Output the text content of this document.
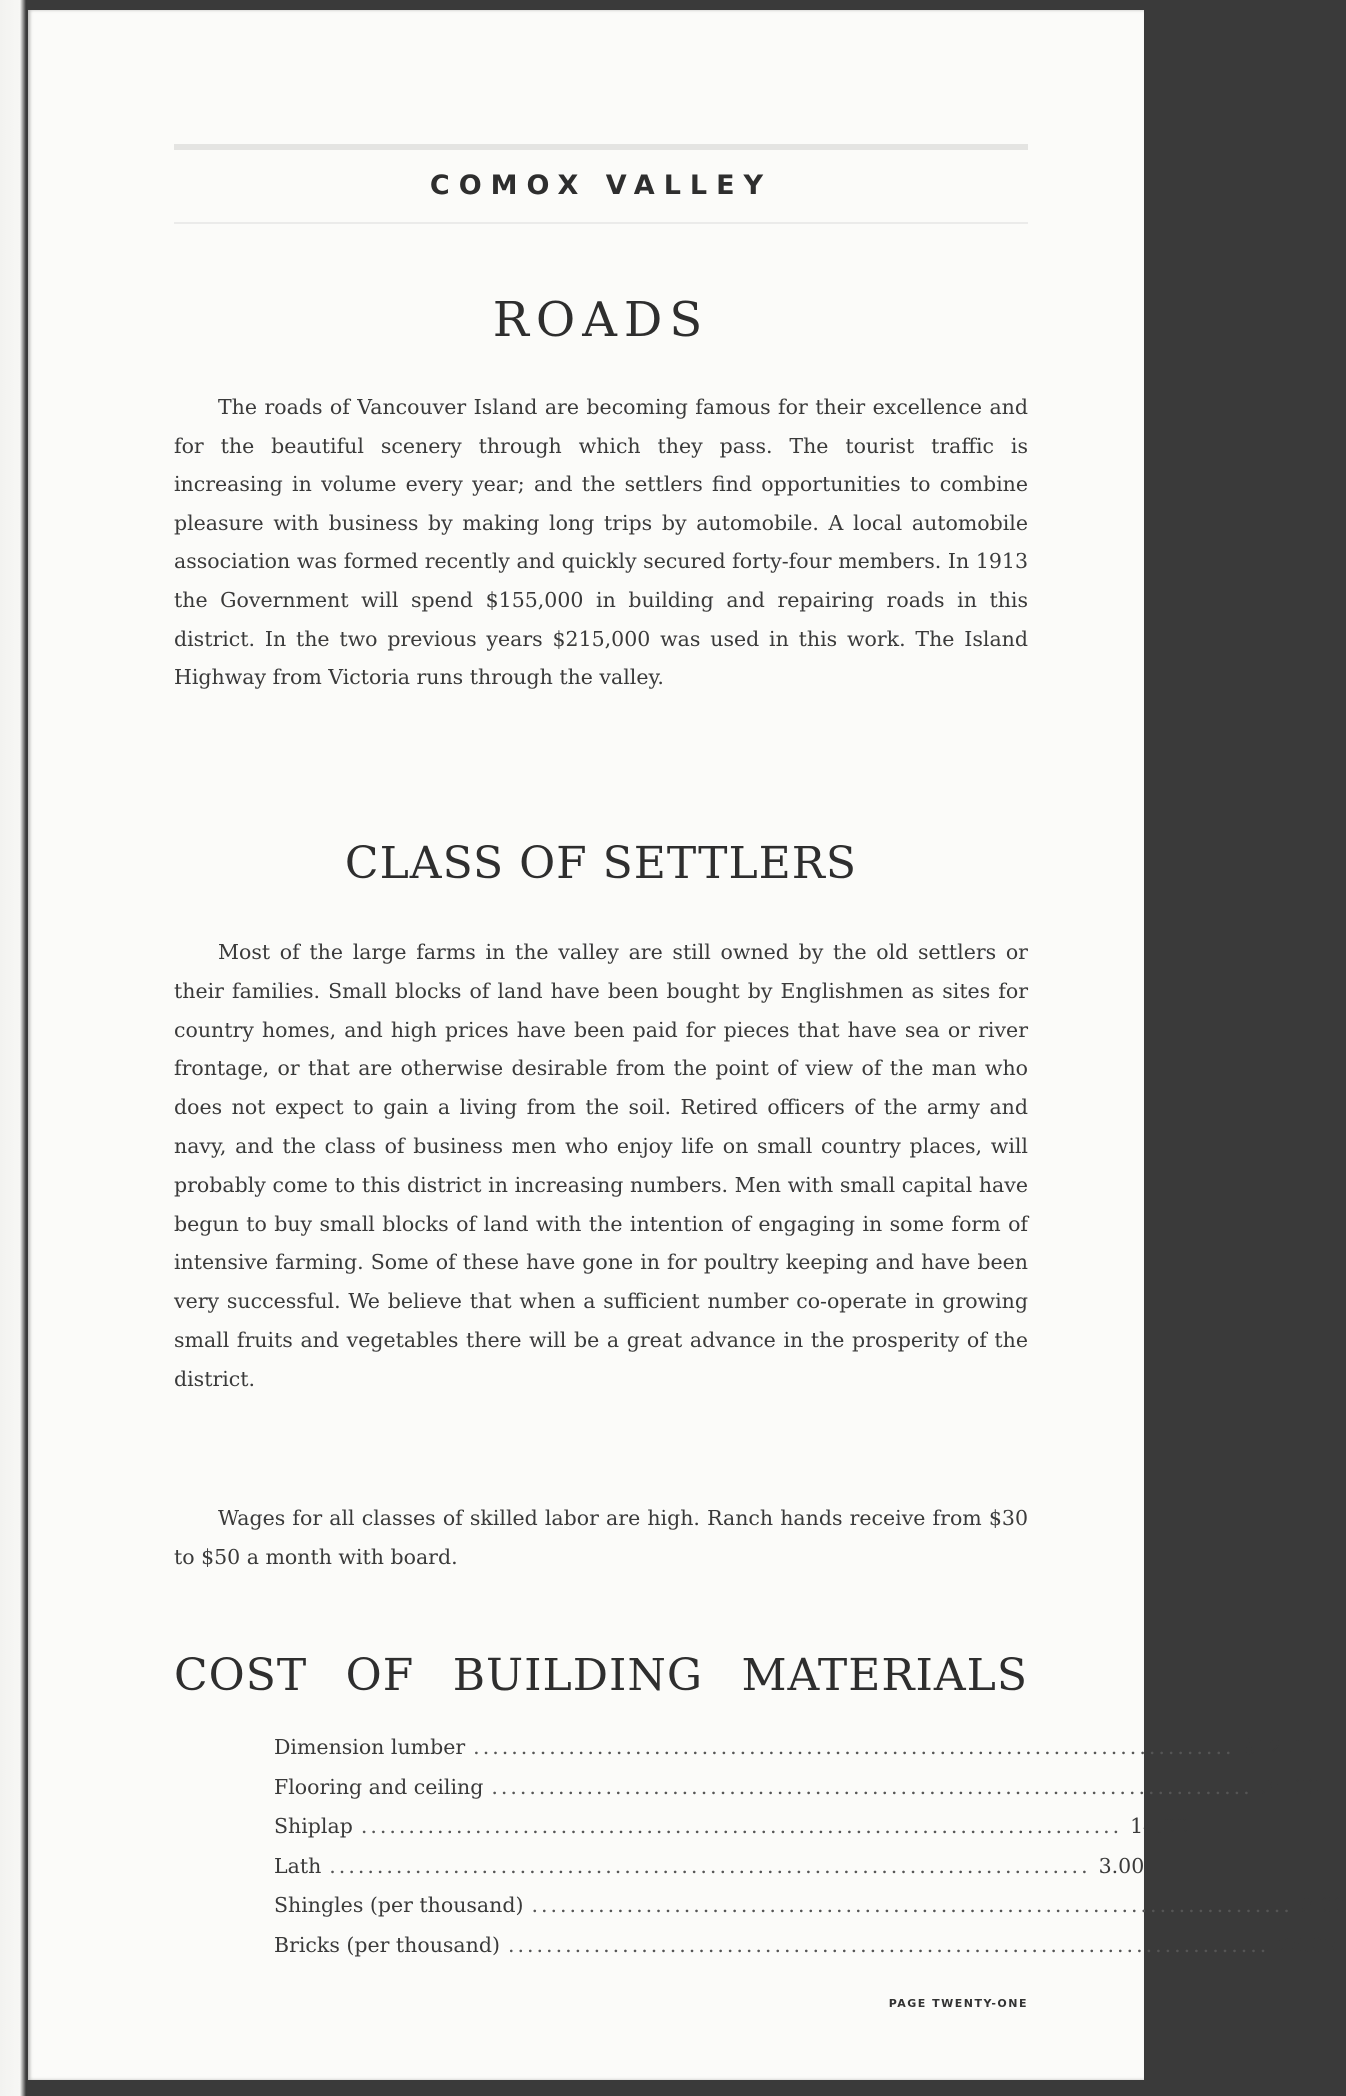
COMOX VALLEY
ROADS

The roads of Vancouver Island are becoming famous for their excellence and for the beautiful scenery through which they pass. The tourist traffic is increasing in volume every year; and the settlers find opportunities to combine pleasure with business by making long trips by automobile. A local automobile association was formed recently and quickly secured forty-four members. In 1913 the Government will spend $155,000 in building and repairing roads in this district. In the two previous years $215,000 was used in this work. The Island Highway from Victoria runs through the valley.

CLASS OF SETTLERS

Most of the large farms in the valley are still owned by the old settlers or their families. Small blocks of land have been bought by Englishmen as sites for country homes, and high prices have been paid for pieces that have sea or river frontage, or that are otherwise desirable from the point of view of the man who does not expect to gain a living from the soil. Retired officers of the army and navy, and the class of business men who enjoy life on small country places, will probably come to this district in increasing numbers. Men with small capital have begun to buy small blocks of land with the intention of engaging in some form of intensive farming. Some of these have gone in for poultry keeping and have been very successful. We believe that when a sufficient number co-operate in growing small fruits and vegetables there will be a great advance in the prosperity of the district.

Wages for all classes of skilled labor are high. Ranch hands receive from $30 to $50 a month with board.

COST OF BUILDING MATERIALS
Dimension lumber ................................................................................ $12.00
Flooring and ceiling ................................................................................ 35.00
Shiplap ................................................................................ 14.00
Lath ................................................................................ 3.00
Shingles (per thousand) ................................................................................ 3.00
Bricks (per thousand) ................................................................................ 25.00
PAGE TWENTY-ONE
